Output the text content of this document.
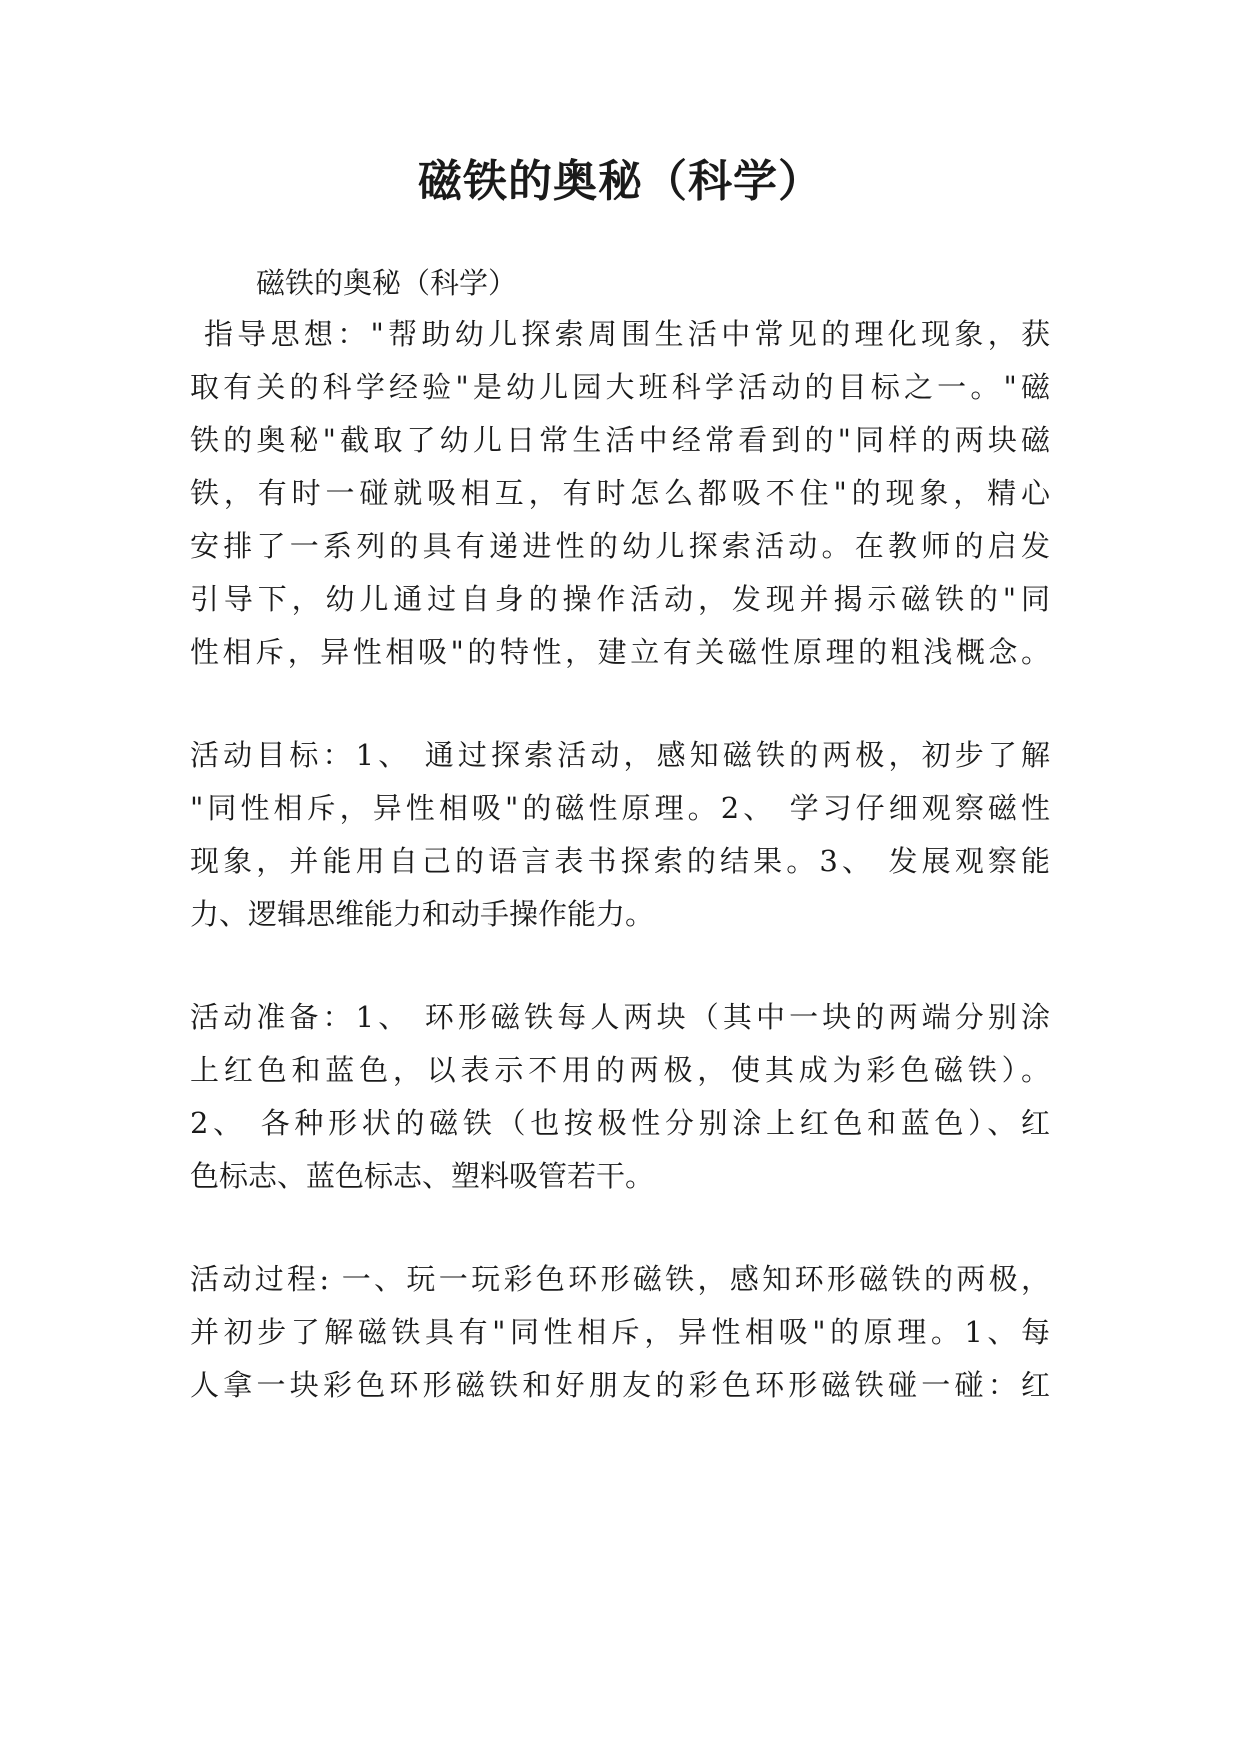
磁铁的奥秘（科学）

磁铁的奥秘（科学）

指导思想："帮助幼儿探索周围生活中常见的理化现象，获

取有关的科学经验"是幼儿园大班科学活动的目标之一。"磁

铁的奥秘"截取了幼儿日常生活中经常看到的"同样的两块磁

铁，有时一碰就吸相互，有时怎么都吸不住"的现象，精心

安排了一系列的具有递进性的幼儿探索活动。在教师的启发

引导下，幼儿通过自身的操作活动，发现并揭示磁铁的"同

性相斥，异性相吸"的特性，建立有关磁性原理的粗浅概念。

活动目标：1、 通过探索活动，感知磁铁的两极，初步了解

"同性相斥，异性相吸"的磁性原理。2、 学习仔细观察磁性

现象，并能用自己的语言表书探索的结果。3、 发展观察能

力、逻辑思维能力和动手操作能力。

活动准备：1、 环形磁铁每人两块（其中一块的两端分别涂

上红色和蓝色，以表示不用的两极，使其成为彩色磁铁）。

2、 各种形状的磁铁（也按极性分别涂上红色和蓝色）、红

色标志、蓝色标志、塑料吸管若干。

活动过程: 一、玩一玩彩色环形磁铁，感知环形磁铁的两极，

并初步了解磁铁具有"同性相斥，异性相吸"的原理。1、每

人拿一块彩色环形磁铁和好朋友的彩色环形磁铁碰一碰：红
